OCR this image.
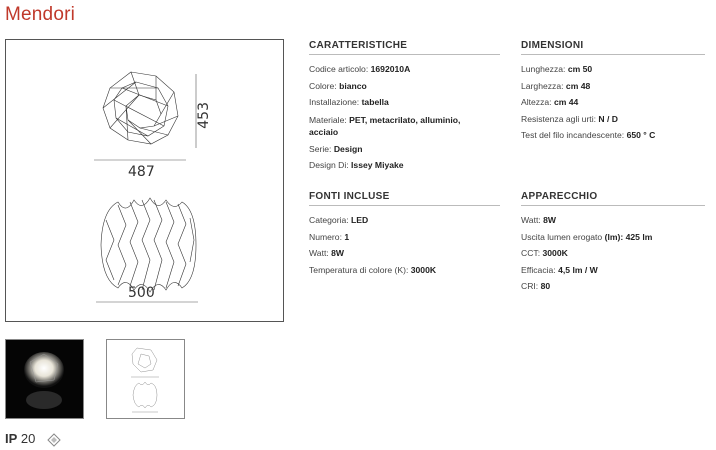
Mendori
453
487
500
CARATTERISTICHE
Codice articolo: 1692010A
Colore: bianco
Installazione: tabella
Materiale: PET, metacrilato, alluminio,
acciaio
Serie: Design
Design Di: Issey Miyake
DIMENSIONI
Lunghezza: cm 50
Larghezza: cm 48
Altezza: cm 44
Resistenza agli urti: N / D
Test del filo incandescente: 650 ° C
FONTI INCLUSE
Categoria: LED
Numero: 1
Watt: 8W
Temperatura di colore (K): 3000K
APPARECCHIO
Watt: 8W
Uscita lumen erogato (lm): 425 lm
CCT: 3000K
Efficacia: 4,5 lm / W
CRI: 80
IP 20
